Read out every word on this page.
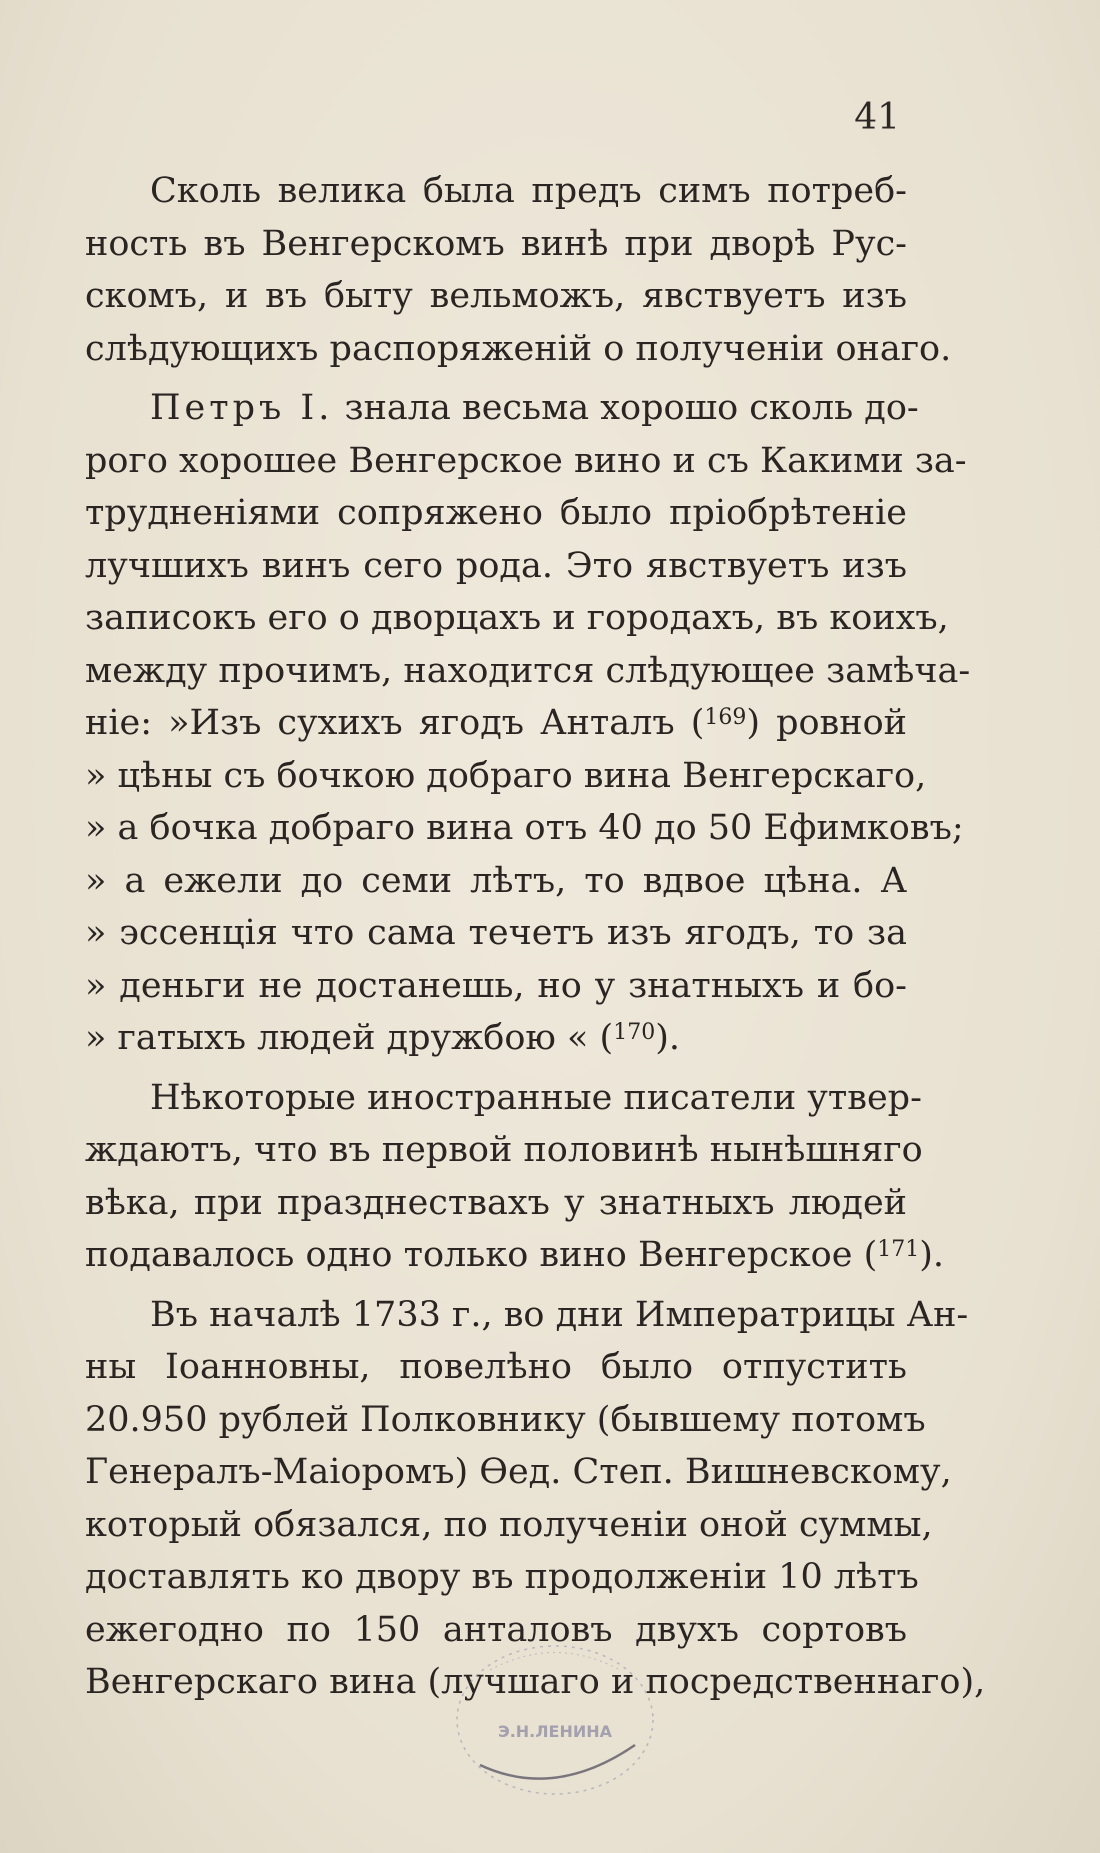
41
Сколь велика была предъ симъ потреб-
ность въ Венгерскомъ винѣ при дворѣ Рус-
скомъ, и въ быту вельможъ, явствуетъ изъ
слѣдующихъ распоряженій о полученіи онаго.
Петръ I. знала весьма хорошо сколь до-
рого хорошее Венгерское вино и съ Какими за-
трудненіями сопряжено было пріобрѣтеніе
лучшихъ винъ сего рода. Это явствуетъ изъ
записокъ его о дворцахъ и городахъ, въ коихъ,
между прочимъ, находится слѣдующее замѣча-
ніе: »Изъ сухихъ ягодъ Анталъ ($^{169}$) ровной
» цѣны съ бочкою добраго вина Венгерскаго,
» а бочка добраго вина отъ 40 до 50 Ефимковъ;
» а ежели до семи лѣтъ, то вдвое цѣна. А
» эссенція что сама течетъ изъ ягодъ, то за
» деньги не достанешь, но у знатныхъ и бо-
» гатыхъ людей дружбою « ($^{170}$).
Нѣкоторые иностранные писатели утвер-
ждаютъ, что въ первой половинѣ нынѣшняго
вѣка, при празднествахъ у знатныхъ людей
подавалось одно только вино Венгерское ($^{171}$).
Въ началѣ 1733 г., во дни Императрицы Ан-
ны Іоанновны, повелѣно было отпустить
20.950 рублей Полковнику (бывшему потомъ
Генералъ-Маіоромъ) Ѳед. Степ. Вишневскому,
который обязался, по полученіи оной суммы,
доставлять ко двору въ продолженіи 10 лѣтъ
ежегодно по 150 анталовъ двухъ сортовъ
Венгерскаго вина (лучшаго и посредственнаго),
Э.Н.ЛЕНИНА
